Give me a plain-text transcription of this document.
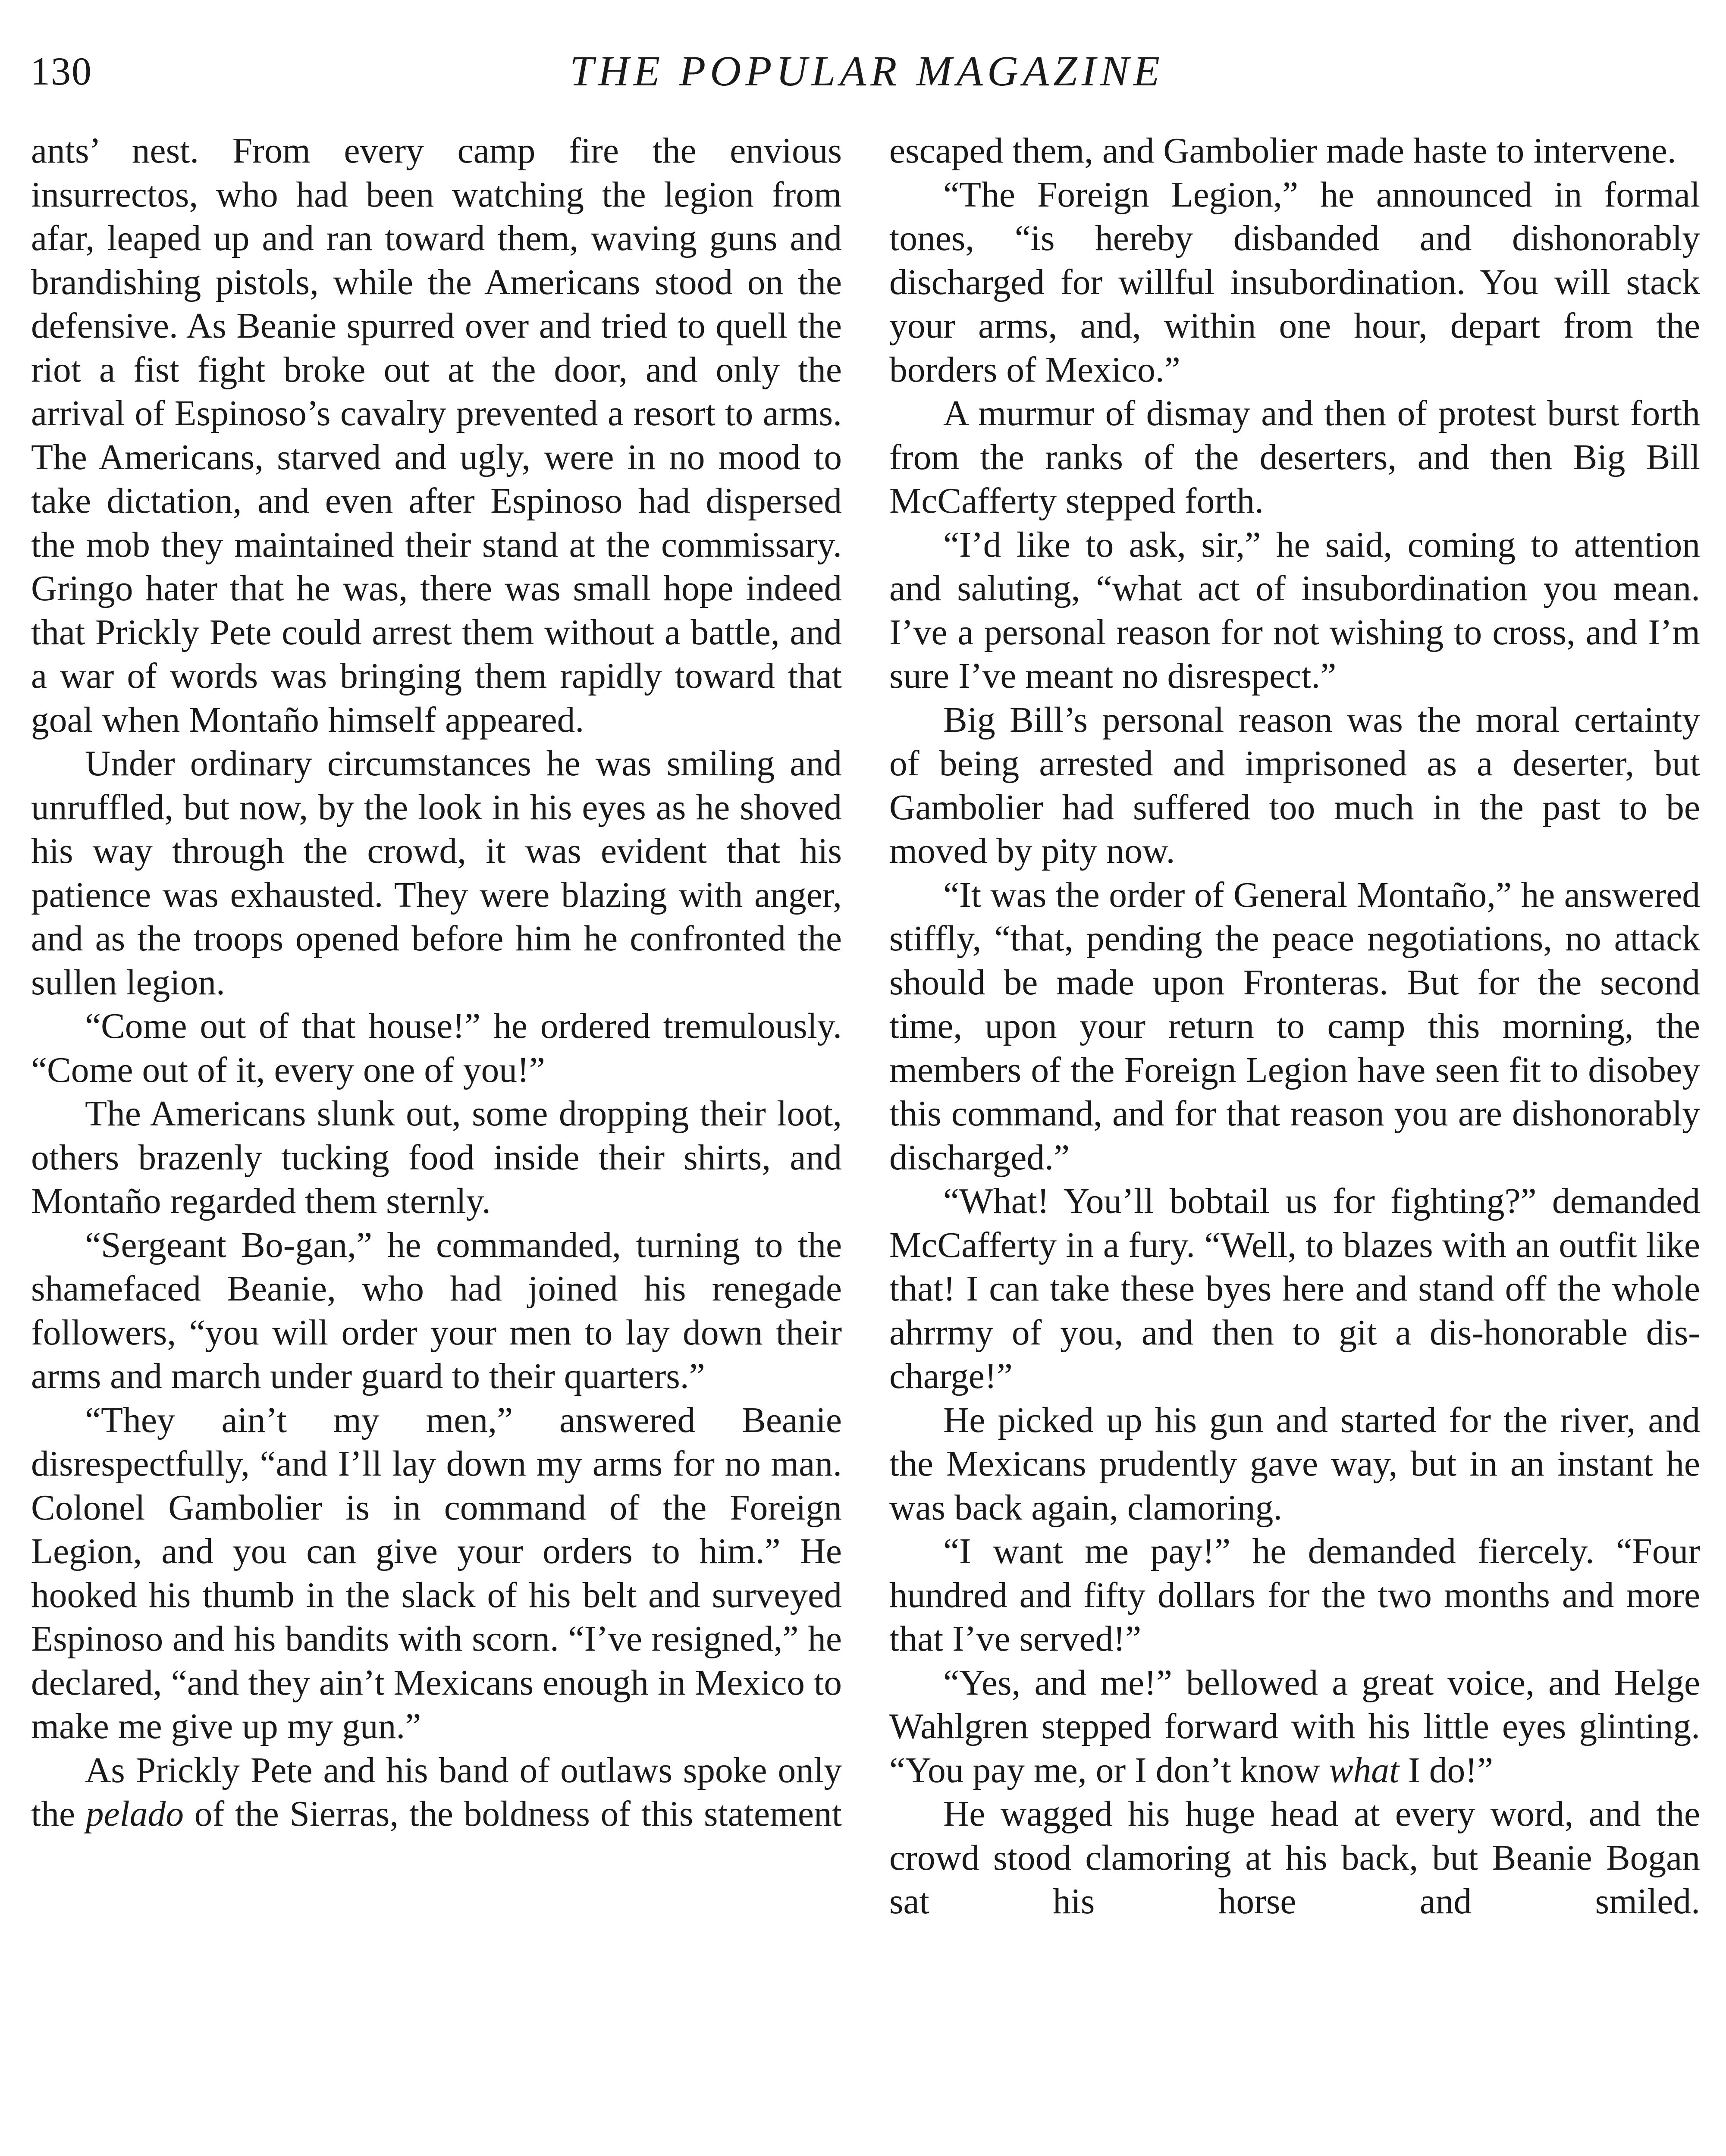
130	THE POPULAR MAGAZINE

ants’ nest. From every camp fire the envious insurrectos, who had been watching the legion from afar, leaped up and ran toward them, waving guns and brandishing pistols, while the Americans stood on the defensive. As Beanie spurred over and tried to quell the riot a fist fight broke out at the door, and only the arrival of Espinoso’s cavalry prevented a resort to arms. The Americans, starved and ugly, were in no mood to take dictation, and even after Espinoso had dispersed the mob they maintained their stand at the commissary. Gringo hater that he was, there was small hope indeed that Prickly Pete could arrest them without a battle, and a war of words was bringing them rapidly toward that goal when Montaño himself appeared.

Under ordinary circumstances he was smiling and unruffled, but now, by the look in his eyes as he shoved his way through the crowd, it was evident that his patience was exhausted. They were blazing with anger, and as the troops opened before him he confronted the sullen legion.

“Come out of that house!” he ordered tremulously. “Come out of it, every one of you!”

The Americans slunk out, some dropping their loot, others brazenly tucking food inside their shirts, and Montaño regarded them sternly.

“Sergeant Bo-gan,” he commanded, turning to the shamefaced Beanie, who had joined his renegade followers, “you will order your men to lay down their arms and march under guard to their quarters.”

“They ain’t my men,” answered Beanie disrespectfully, “and I’ll lay down my arms for no man. Colonel Gambolier is in command of the Foreign Legion, and you can give your orders to him.” He hooked his thumb in the slack of his belt and surveyed Espinoso and his bandits with scorn. “I’ve resigned,” he declared, “and they ain’t Mexicans enough in Mexico to make me give up my gun.”

As Prickly Pete and his band of outlaws spoke only the pelado of the Sierras, the boldness of this statement

escaped them, and Gambolier made haste to intervene.

“The Foreign Legion,” he announced in formal tones, “is hereby disbanded and dishonorably discharged for willful insubordination. You will stack your arms, and, within one hour, depart from the borders of Mexico.”

A murmur of dismay and then of protest burst forth from the ranks of the deserters, and then Big Bill McCafferty stepped forth.

“I’d like to ask, sir,” he said, coming to attention and saluting, “what act of insubordination you mean. I’ve a personal reason for not wishing to cross, and I’m sure I’ve meant no disrespect.”

Big Bill’s personal reason was the moral certainty of being arrested and imprisoned as a deserter, but Gambolier had suffered too much in the past to be moved by pity now.

“It was the order of General Montaño,” he answered stiffly, “that, pending the peace negotiations, no attack should be made upon Fronteras. But for the second time, upon your return to camp this morning, the members of the Foreign Legion have seen fit to disobey this command, and for that reason you are dishonorably discharged.”

“What! You’ll bobtail us for fighting?” demanded McCafferty in a fury. “Well, to blazes with an outfit like that! I can take these byes here and stand off the whole ahrrmy of you, and then to git a dis-honorable dis-charge!”

He picked up his gun and started for the river, and the Mexicans prudently gave way, but in an instant he was back again, clamoring.

“I want me pay!” he demanded fiercely. “Four hundred and fifty dollars for the two months and more that I’ve served!”

“Yes, and me!” bellowed a great voice, and Helge Wahlgren stepped forward with his little eyes glinting. “You pay me, or I don’t know what I do!”

He wagged his huge head at every word, and the crowd stood clamoring at his back, but Beanie Bogan sat his horse and smiled.
